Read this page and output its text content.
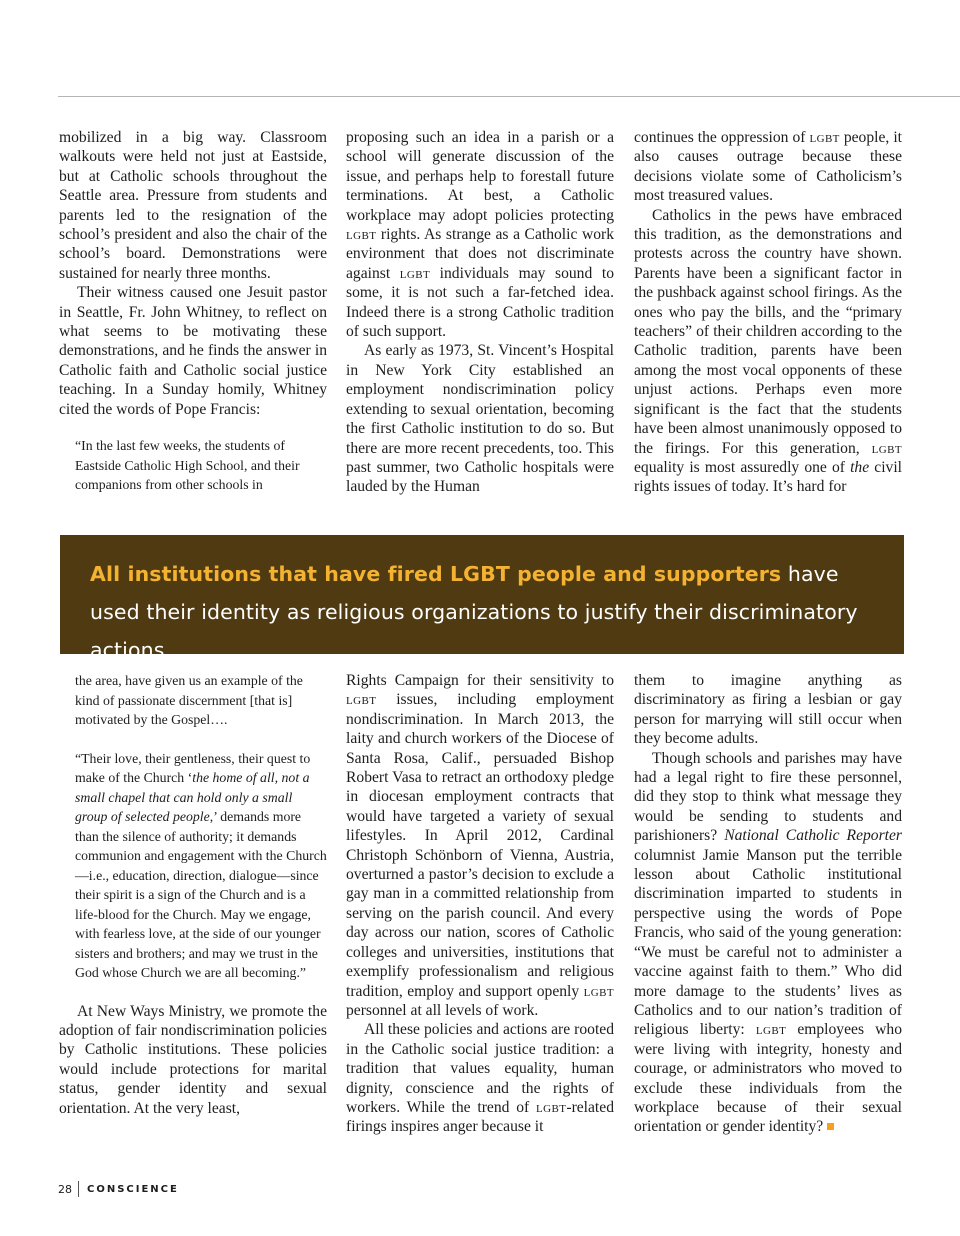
mobilized in a big way. Classroom walkouts were held not just at Eastside, but at Catholic schools throughout the Seattle area. Pressure from students and parents led to the resignation of the school’s president and also the chair of the school’s board. Demonstrations were sustained for nearly three months.

Their witness caused one Jesuit pastor in Seattle, Fr. John Whitney, to reflect on what seems to be motivating these demonstrations, and he finds the answer in Catholic faith and Catholic social justice teaching. In a Sunday homily, Whitney cited the words of Pope Francis:

“In the last few weeks, the students of Eastside Catholic High School, and their companions from other schools in

proposing such an idea in a parish or a school will generate discussion of the issue, and perhaps help to forestall future terminations. At best, a Catholic workplace may adopt policies protecting lgbt rights. As strange as a Catholic work environment that does not discriminate against lgbt individuals may sound to some, it is not such a far-fetched idea. Indeed there is a strong Catholic tradition of such support.

As early as 1973, St. Vincent’s Hospital in New York City established an employment nondiscrimination policy extending to sexual orientation, becoming the first Catholic institution to do so. But there are more recent precedents, too. This past summer, two Catholic hospitals were lauded by the Human

continues the oppression of lgbt people, it also causes outrage because these decisions violate some of Catholicism’s most treasured values.

Catholics in the pews have embraced this tradition, as the demonstrations and protests across the country have shown. Parents have been a significant factor in the pushback against school firings. As the ones who pay the bills, and the “primary teachers” of their children according to the Catholic tradition, parents have been among the most vocal opponents of these unjust actions. Perhaps even more significant is the fact that the students have been almost unanimously opposed to the firings. For this generation, lgbt equality is most assuredly one of the civil rights issues of today. It’s hard for

All institutions that have fired LGBT people and supporters have used their identity as religious organizations to justify their discriminatory actions.

the area, have given us an example of the kind of passionate discernment [that is] motivated by the Gospel….

“Their love, their gentleness, their quest to make of the Church ‘the home of all, not a small chapel that can hold only a small group of selected people,’ demands more than the silence of authority; it demands communion and engagement with the Church—i.e., education, direction, dialogue—since their spirit is a sign of the Church and is a life-blood for the Church. May we engage, with fearless love, at the side of our younger sisters and brothers; and may we trust in the God whose Church we are all becoming.”

At New Ways Ministry, we promote the adoption of fair nondiscrimination policies by Catholic institutions. These policies would include protections for marital status, gender identity and sexual orientation. At the very least,

Rights Campaign for their sensitivity to lgbt issues, including employment nondiscrimination. In March 2013, the laity and church workers of the Diocese of Santa Rosa, Calif., persuaded Bishop Robert Vasa to retract an orthodoxy pledge in diocesan employment contracts that would have targeted a variety of sexual lifestyles. In April 2012, Cardinal Christoph Schönborn of Vienna, Austria, overturned a pastor’s decision to exclude a gay man in a committed relationship from serving on the parish council. And every day across our nation, scores of Catholic colleges and universities, institutions that exemplify professionalism and religious tradition, employ and support openly lgbt personnel at all levels of work.

All these policies and actions are rooted in the Catholic social justice tradition: a tradition that values equality, human dignity, conscience and the rights of workers. While the trend of lgbt-related firings inspires anger because it

them to imagine anything as discriminatory as firing a lesbian or gay person for marrying will still occur when they become adults.

Though schools and parishes may have had a legal right to fire these personnel, did they stop to think what message they would be sending to students and parishioners? National Catholic Reporter columnist Jamie Manson put the terrible lesson about Catholic institutional discrimination imparted to students in perspective using the words of Pope Francis, who said of the young generation: “We must be careful not to administer a vaccine against faith to them.” Who did more damage to the students’ lives as Catholics and to our nation’s tradition of religious liberty: lgbt employees who were living with integrity, honesty and courage, or administrators who moved to exclude these individuals from the workplace because of their sexual orientation or gender identity?

28	CONSCIENCE
